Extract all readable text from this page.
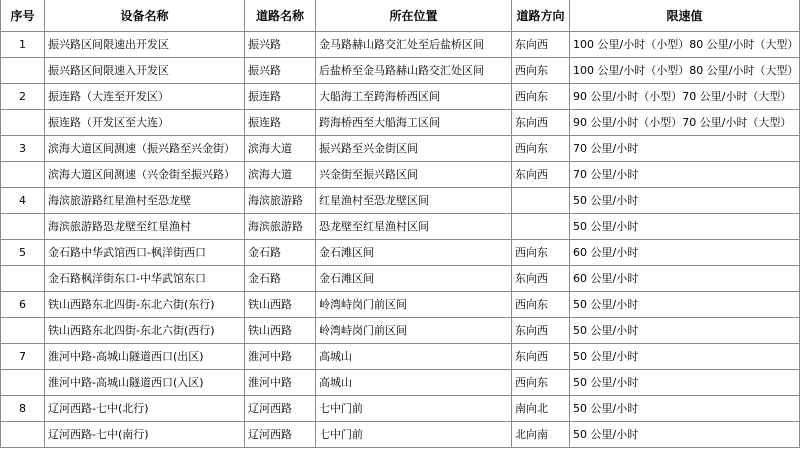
序号	设备名称	道路名称	所在位置	道路方向	限速值
1	振兴路区间限速出开发区	振兴路	金马路赫山路交汇处至后盐桥区间	东向西	100 公里/小时（小型）80 公里/小时（大型）
	振兴路区间限速入开发区	振兴路	后盐桥至金马路赫山路交汇处区间	西向东	100 公里/小时（小型）80 公里/小时（大型）
2	振连路（大连至开发区）	振连路	大船海工至跨海桥西区间	西向东	90 公里/小时（小型）70 公里/小时（大型）
	振连路（开发区至大连）	振连路	跨海桥西至大船海工区间	东向西	90 公里/小时（小型）70 公里/小时（大型）
3	滨海大道区间测速（振兴路至兴金街）	滨海大道	振兴路至兴金街区间	西向东	70 公里/小时
	滨海大道区间测速（兴金街至振兴路）	滨海大道	兴金街至振兴路区间	东向西	70 公里/小时
4	海滨旅游路红星渔村至恐龙壁	海滨旅游路	红星渔村至恐龙壁区间		50 公里/小时
	海滨旅游路恐龙壁至红星渔村	海滨旅游路	恐龙壁至红星渔村区间		50 公里/小时
5	金石路中华武馆西口-枫洋街西口	金石路	金石滩区间	西向东	60 公里/小时
	金石路枫洋街东口-中华武馆东口	金石路	金石滩区间	东向西	60 公里/小时
6	铁山西路东北四街-东北六街(东行)	铁山西路	岭湾峙岗门前区间	西向东	50 公里/小时
	铁山西路东北四街-东北六街(西行)	铁山西路	岭湾峙岗门前区间	东向西	50 公里/小时
7	淮河中路-高城山隧道西口(出区)	淮河中路	高城山	东向西	50 公里/小时
	淮河中路-高城山隧道西口(入区)	淮河中路	高城山	西向东	50 公里/小时
8	辽河西路-七中(北行)	辽河西路	七中门前	南向北	50 公里/小时
	辽河西路-七中(南行)	辽河西路	七中门前	北向南	50 公里/小时
